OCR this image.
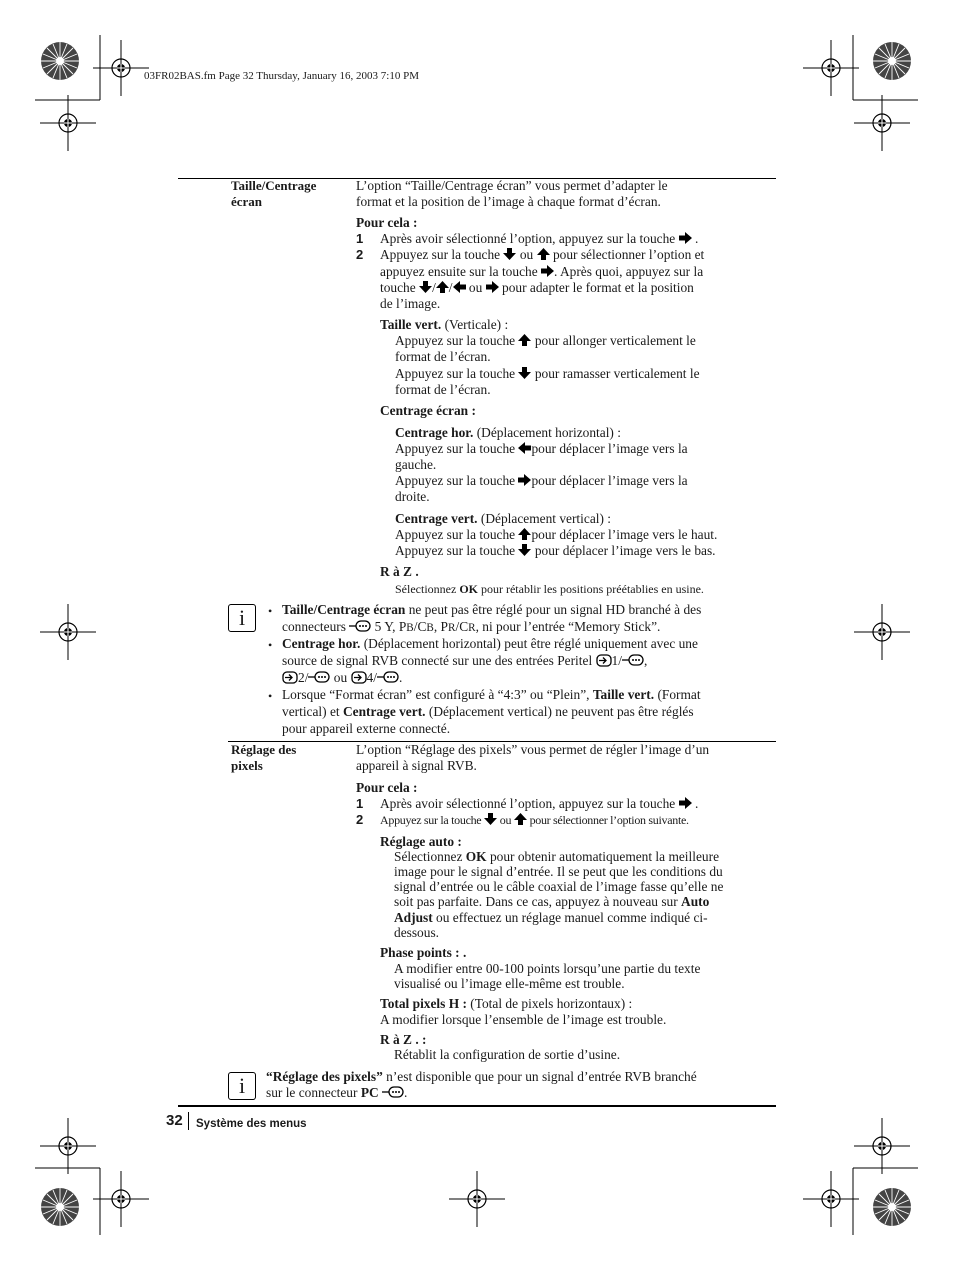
03FR02BAS.fm Page 32 Thursday, January 16, 2003 7:10 PM
Taille/Centrage écran
L’option “Taille/Centrage écran” vous permet d’adapter le
format et la position de l’image à chaque format d’écran.
Pour cela :
1 Après avoir sélectionné l’option, appuyez sur la touche  .
2 Appuyez sur la touche ou pour sélectionner l’option et
appuyez ensuite sur la touche . Après quoi, appuyez sur la
touche / / ou pour adapter le format et la position
de l’image.
Taille vert. (Verticale) :
Appuyez sur la touche pour allonger verticalement le
format de l’écran.
Appuyez sur la touche pour ramasser verticalement le
format de l’écran.
Centrage écran :
Centrage hor. (Déplacement horizontal) :
Appuyez sur la touche pour déplacer l’image vers la
gauche.
Appuyez sur la touche pour déplacer l’image vers la
droite.
Centrage vert. (Déplacement vertical) :
Appuyez sur la touche pour déplacer l’image vers le haut.
Appuyez sur la touche pour déplacer l’image vers le bas.
R à Z .
Sélectionnez OK pour rétablir les positions préétablies en usine.
i	• Taille/Centrage écran ne peut pas être réglé pour un signal HD branché à des
connecteurs  5 Y, PB/CB, PR/CR, ni pour l’entrée “Memory Stick”.
• Centrage hor. (Déplacement horizontal) peut être réglé uniquement avec une
source de signal RVB connecté sur une des entrées Peritel 1/ ,
2/ ou 4/ .
• Lorsque “Format écran” est configuré à “4:3” ou “Plein”, Taille vert. (Format
vertical) et Centrage vert. (Déplacement vertical) ne peuvent pas être réglés
pour appareil externe connecté.
Réglage des pixels
L’option “Réglage des pixels” vous permet de régler l’image d’un
appareil à signal RVB.
Pour cela :
1 Après avoir sélectionné l’option, appuyez sur la touche  .
2 Appuyez sur la touche ou pour sélectionner l’option suivante.
Réglage auto :
Sélectionnez OK pour obtenir automatiquement la meilleure
image pour le signal d’entrée. Il se peut que les conditions du
signal d’entrée ou le câble coaxial de l’image fasse qu’elle ne
soit pas parfaite. Dans ce cas, appuyez à nouveau sur Auto
Adjust ou effectuez un réglage manuel comme indiqué ci-
dessous.
Phase points : .
A modifier entre 00-100 points lorsqu’une partie du texte
visualisé ou l’image elle-même est trouble.
Total pixels H : (Total de pixels horizontaux) :
A modifier lorsque l’ensemble de l’image est trouble.
R à Z . :
Rétablit la configuration de sortie d’usine.
i	“Réglage des pixels” n’est disponible que pour un signal d’entrée RVB branché
sur le connecteur PC .
32 Système des menus
